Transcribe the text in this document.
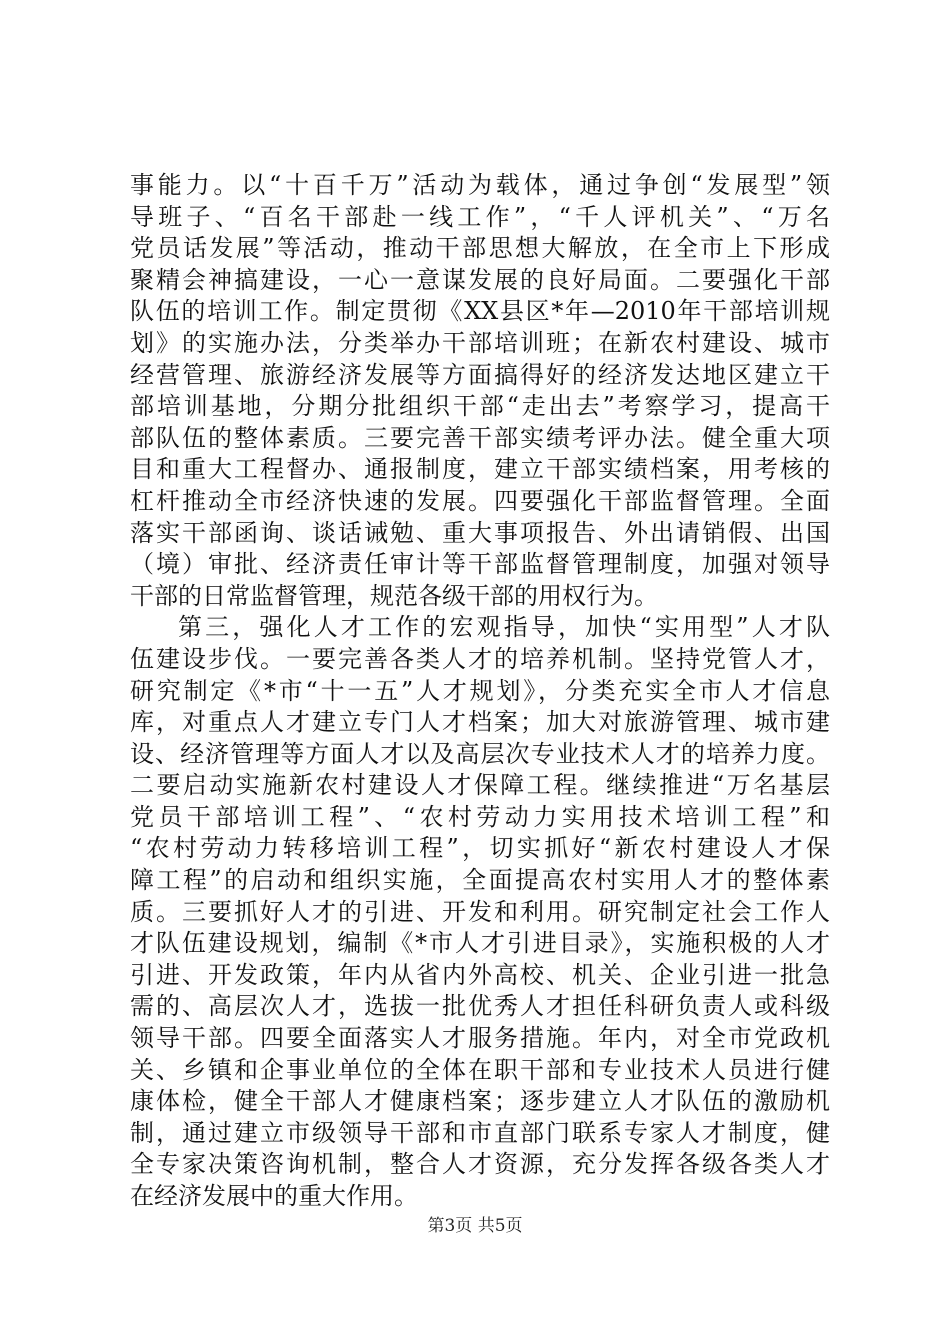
事能力。以“十百千万”活动为载体，通过争创“发展型”领
导班子、“百名干部赴一线工作”，“千人评机关”、“万名
党员话发展”等活动，推动干部思想大解放，在全市上下形成
聚精会神搞建设，一心一意谋发展的良好局面。二要强化干部
队伍的培训工作。制定贯彻《XX县区*年—2010年干部培训规
划》的实施办法，分类举办干部培训班；在新农村建设、城市
经营管理、旅游经济发展等方面搞得好的经济发达地区建立干
部培训基地，分期分批组织干部“走出去”考察学习，提高干
部队伍的整体素质。三要完善干部实绩考评办法。健全重大项
目和重大工程督办、通报制度，建立干部实绩档案，用考核的
杠杆推动全市经济快速的发展。四要强化干部监督管理。全面
落实干部函询、谈话诫勉、重大事项报告、外出请销假、出国
（境）审批、经济责任审计等干部监督管理制度，加强对领导
干部的日常监督管理，规范各级干部的用权行为。
第三，强化人才工作的宏观指导，加快“实用型”人才队
伍建设步伐。一要完善各类人才的培养机制。坚持党管人才，
研究制定《*市“十一五”人才规划》，分类充实全市人才信息
库，对重点人才建立专门人才档案；加大对旅游管理、城市建
设、经济管理等方面人才以及高层次专业技术人才的培养力度。
二要启动实施新农村建设人才保障工程。继续推进“万名基层
党员干部培训工程”、“农村劳动力实用技术培训工程”和
“农村劳动力转移培训工程”，切实抓好“新农村建设人才保
障工程”的启动和组织实施，全面提高农村实用人才的整体素
质。三要抓好人才的引进、开发和利用。研究制定社会工作人
才队伍建设规划，编制《*市人才引进目录》，实施积极的人才
引进、开发政策，年内从省内外高校、机关、企业引进一批急
需的、高层次人才，选拔一批优秀人才担任科研负责人或科级
领导干部。四要全面落实人才服务措施。年内，对全市党政机
关、乡镇和企事业单位的全体在职干部和专业技术人员进行健
康体检，健全干部人才健康档案；逐步建立人才队伍的激励机
制，通过建立市级领导干部和市直部门联系专家人才制度，健
全专家决策咨询机制，整合人才资源，充分发挥各级各类人才
在经济发展中的重大作用。
第3页 共5页
